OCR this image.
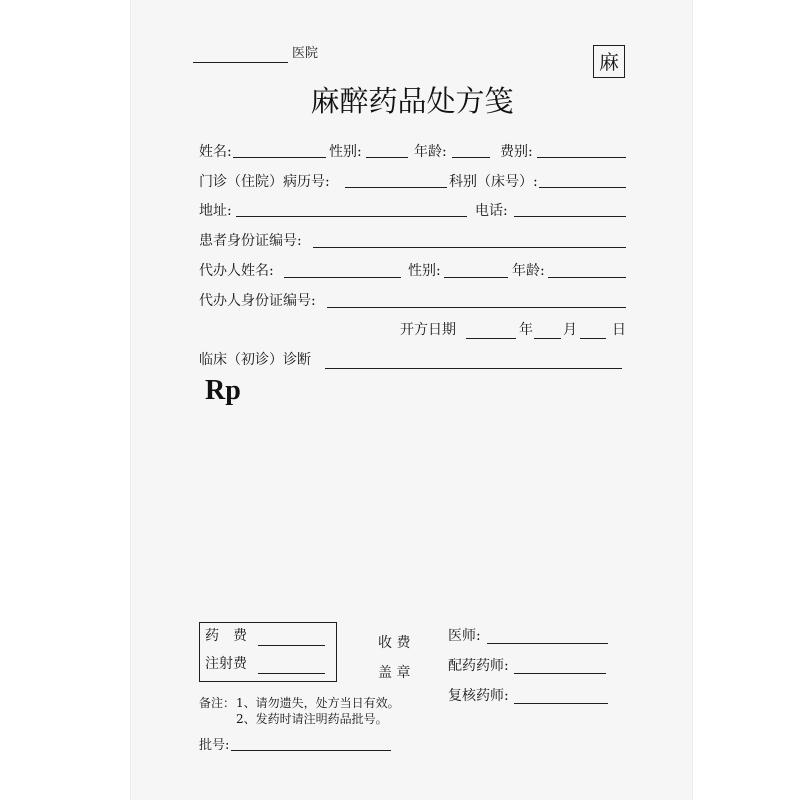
医院	麻
麻醉药品处方笺
姓名:	性别:	年龄:	费别:
门诊（住院）病历号:	科别（床号）:
地址:	电话:
患者身份证编号:
代办人姓名:	性别:	年龄:
代办人身份证编号:
开方日期	年 月	日
临床（初诊）诊断
Rp
药　费
注射费
收 费
盖 章
医师:
配药药师:
复核药师:
备注： 1、请勿遗失，处方当日有效。
2、发药时请注明药品批号。
批号:
